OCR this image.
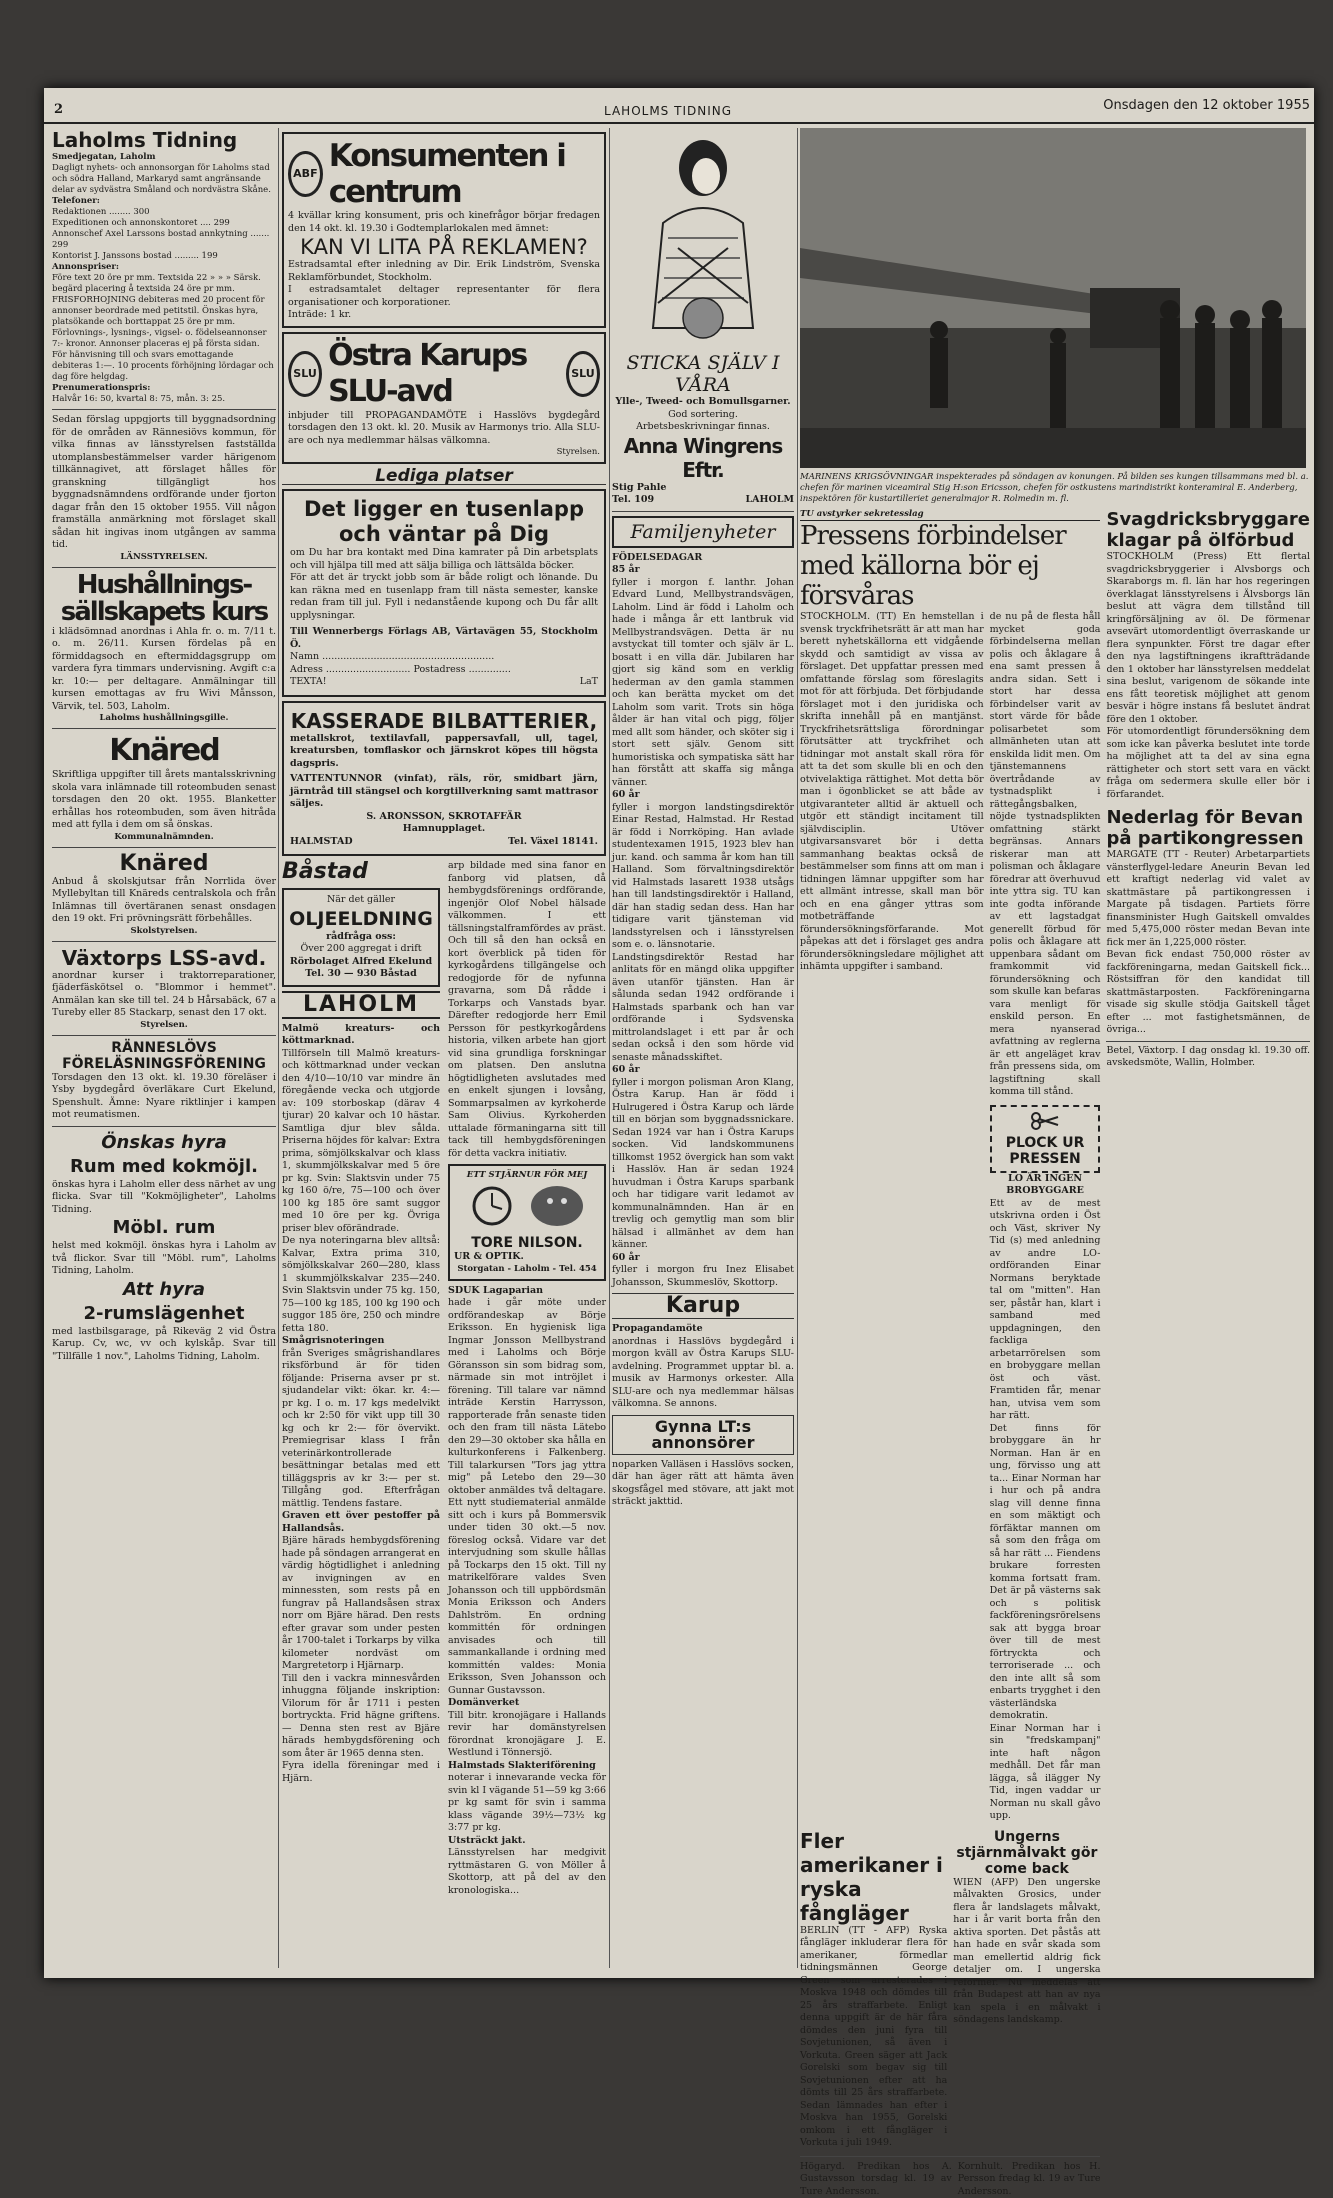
2	LAHOLMS TIDNING	Onsdagen den 12 oktober 1955
Laholms Tidning
Smedjegatan, Laholm

Dagligt nyhets- och annonsorgan för Laholms stad och södra Halland, Markaryd samt angränsande delar av sydvästra Småland och nordvästra Skåne.

Telefoner:
Redaktionen ........ 300
Expeditionen och annonskontoret .... 299
Annonschef Axel Larssons bostad annkytning ....... 299
Kontorist J. Janssons bostad ......... 199
Annonspriser:

Före text 20 öre pr mm. Textsida 22 » » » Särsk. begärd placering å textsida 24 öre pr mm. FRISFORHOJNING debiteras med 20 procent för annonser beordrade med petitstil. Önskas hyra, platsökande och borttappat 25 öre pr mm. Förlovnings-, lysnings-, vigsel- o. födelseannonser 7:- kronor. Annonser placeras ej på första sidan. För hänvisning till och svars emottagande debiteras 1:—. 10 procents förhöjning lördagar och dag före helgdag.

Prenumerationspris:

Halvår 16: 50, kvartal 8: 75, mån. 3: 25.

Sedan förslag uppgjorts till byggnadsordning för de områden av Rännesiövs kommun, för vilka finnas av länsstyrelsen fastställda utomplansbestämmelser varder härigenom tillkännagivet, att förslaget hålles för granskning tillgängligt hos byggnadsnämndens ordförande under fjorton dagar från den 15 oktober 1955. Vill någon framställa anmärkning mot förslaget skall sådan hit ingivas inom utgången av samma tid.

LÄNSSTYRELSEN.
Hushållnings-sällskapets kurs

i klädsömnad anordnas i Ahla fr. o. m. 7/11 t. o. m. 26/11. Kursen fördelas på en förmiddagsoch en eftermiddagsgrupp om vardera fyra timmars undervisning. Avgift c:a kr. 10:— per deltagare. Anmälningar till kursen emottagas av fru Wivi Månsson, Värvik, tel. 503, Laholm.

Laholms hushållningsgille.
Knäred

Skriftliga uppgifter till årets mantalsskrivning skola vara inlämnade till roteombuden senast torsdagen den 20 okt. 1955. Blanketter erhållas hos roteombuden, som även hitråda med att fylla i dem om så önskas.

Kommunalnämnden.
Knäred

Anbud å skolskjutsar från Norrlida över Myllebyltan till Knäreds centralskola och från Inlämnas till övertäranen senast onsdagen den 19 okt. Fri prövningsrätt förbehålles.

Skolstyrelsen.
Växtorps LSS-avd.

anordnar kurser i traktorreparationer, fjäderfäskötsel o. "Blommor i hemmet". Anmälan kan ske till tel. 24 b Hårsabäck, 67 a Tureby eller 85 Stackarp, senast den 17 okt.

Styrelsen.
RÄNNESLÖVS FÖRELÄSNINGSFÖRENING

Torsdagen den 13 okt. kl. 19.30 föreläser i Ysby bygdegård överläkare Curt Ekelund, Spenshult. Ämne: Nyare riktlinjer i kampen mot reumatismen.

Önskas hyra
Rum med kokmöjl.

önskas hyra i Laholm eller dess närhet av ung flicka. Svar till "Kokmöjligheter", Laholms Tidning.

Möbl. rum

helst med kokmöjl. önskas hyra i Laholm av två flickor. Svar till "Möbl. rum", Laholms Tidning, Laholm.

Att hyra
2-rumslägenhet

med lastbilsgarage, på Rikeväg 2 vid Östra Karup. Cv, wc, vv och kylskåp. Svar till "Tillfälle 1 nov.", Laholms Tidning, Laholm.

ABF Konsumenten i centrum

4 kvällar kring konsument, pris och kinefrågor börjar fredagen den 14 okt. kl. 19.30 i Godtemplarlokalen med ämnet:

KAN VI LITA PÅ REKLAMEN?

Estradsamtal efter inledning av Dir. Erik Lindström, Svenska Reklamförbundet, Stockholm.

I estradsamtalet deltager representanter för flera organisationer och korporationer.

Inträde: 1 kr.

SLU
Östra Karups SLU-avd
SLU

inbjuder till PROPAGANDAMÖTE i Hasslövs bygdegård torsdagen den 13 okt. kl. 20. Musik av Harmonys trio. Alla SLU-are och nya medlemmar hälsas välkomna.

Styrelsen.
Lediga platser
Det ligger en tusenlapp och väntar på Dig

om Du har bra kontakt med Dina kamrater på Din arbetsplats och vill hjälpa till med att sälja billiga och lättsälda böcker.

För att det är tryckt jobb som är både roligt och lönande. Du kan räkna med en tusenlapp fram till nästa semester, kanske redan fram till jul. Fyll i nedanstående kupong och Du får allt upplysningar.

Till Wennerbergs Förlags AB, Värtavägen 55, Stockholm Ö.

Namn .........................................................
Adress ............................ Postadress ..............
TEXTA!	LaT
KASSERADE BILBATTERIER,

metallskrot, textilavfall, pappersavfall, ull, tagel, kreatursben, tomflaskor och järnskrot köpes till högsta dagspris.

VATTENTUNNOR (vinfat), räls, rör, smidbart järn, järntråd till stängsel och korgtillverkning samt mattrasor säljes.

S. ARONSSON, SKROTAFFÄR
Hamnupplaget.
HALMSTAD	Tel. Växel 18141.
Båstad
När det gäller
OLJEELDNING
rådfråga oss:
Över 200 aggregat i drift
Rörbolaget Alfred Ekelund
Tel. 30 — 930 Båstad
LAHOLM
Malmö kreaturs- och köttmarknad.

Tillförseln till Malmö kreaturs- och köttmarknad under veckan den 4/10—10/10 var mindre än föregående vecka och utgjorde av: 109 storboskap (därav 4 tjurar) 20 kalvar och 10 hästar. Samtliga djur blev sålda. Priserna höjdes för kalvar: Extra prima, sömjölkskalvar och klass 1, skummjölkskalvar med 5 öre pr kg. Svin: Slaktsvin under 75 kg 160 ö/re, 75—100 och över 100 kg 185 öre samt suggor med 10 öre per kg. Övriga priser blev oförändrade.

De nya noteringarna blev alltså: Kalvar, Extra prima 310, sömjölkskalvar 260—280, klass 1 skummjölkskalvar 235—240. Svin Slaktsvin under 75 kg. 150, 75—100 kg 185, 100 kg 190 och suggor 185 öre, 250 och mindre fetta 180.

Smågrisnoteringen

från Sveriges smågrishandlares riksförbund är för tiden följande: Priserna avser pr st. sjudandelar vikt: ökar. kr. 4:— pr kg. I o. m. 17 kgs medelvikt och kr 2:50 för vikt upp till 30 kg och kr 2:— för övervikt. Premiegrisar klass I från veterinärkontrollerade besättningar betalas med ett tilläggspris av kr 3:— per st. Tillgång god. Efterfrågan mättlig. Tendens fastare.

Graven ett över pestoffer på Hallandsås.

Bjäre härads hembygdsförening hade på söndagen arrangerat en värdig högtidlighet i anledning av invigningen av en minnessten, som rests på en fungrav på Hallandsåsen strax norr om Bjäre härad. Den rests efter gravar som under pesten år 1700-talet i Torkarps by vilka kilometer nordväst om Margretetorp i Hjärnarp.

Till den i vackra minnesvården inhuggna följande inskription: Vilorum för år 1711 i pesten bortryckta. Frid hägne griftens. — Denna sten rest av Bjäre härads hembygdsförening och som åter är 1965 denna sten.

Fyra idella föreningar med i Hjärn.

arp bildade med sina fanor en fanborg vid platsen, då hembygdsförenings ordförande, ingenjör Olof Nobel hälsade välkommen. I ett tällsningstalframfördes av präst. Och till så den han också en kort överblick på tiden för kyrkogårdens tillgängelse och redogjorde för de nyfunna gravarna, som Då rådde i Torkarps och Vanstads byar. Därefter redogjorde herr Emil Persson för pestkyrkogårdens historia, vilken arbete han gjort vid sina grundliga forskningar om platsen. Den anslutna högtidligheten avslutades med en enkelt sjungen i lovsång, Sommarpsalmen av kyrkoherde Sam Olivius. Kyrkoherden uttalade förmaningarna sitt till tack till hembygdsföreningen för detta vackra initiativ.

ETT STJÄRNUR FÖR MEJ
TORE NILSON.
UR & OPTIK.
Storgatan - Laholm - Tel. 454
SDUK Lagaparian

hade i går möte under ordförandeskap av Börje Eriksson. En hygienisk liga Ingmar Jonsson Mellbystrand med i Laholms och Börje Göransson sin som bidrag som, närmade sin mot intröjlet i förening. Till talare var nämnd inträde Kerstin Harrysson, rapporterade från senaste tiden och den fram till nästa Lätebo den 29—30 oktober ska hålla en kulturkonferens i Falkenberg. Till talarkursen "Tors jag yttra mig" på Letebo den 29—30 oktober anmäldes två deltagare. Ett nytt studiematerial anmälde sitt och i kurs på Bommersvik under tiden 30 okt.—5 nov. föreslog också. Vidare var det intervjudning som skulle hållas på Tockarps den 15 okt. Till ny matrikelförare valdes Sven Johansson och till uppbördsmän Monia Eriksson och Anders Dahlström. En ordning kommittén för ordningen anvisades och till sammankallande i ordning med kommittén valdes: Monia Eriksson, Sven Johansson och Gunnar Gustavsson.

Domänverket

Till bitr. kronojägare i Hallands revir har domänstyrelsen förordnat kronojägare J. E. Westlund i Tönnersjö.

Halmstads Slakteriförening

noterar i innevarande vecka för svin kl I vägande 51—59 kg 3:66 pr kg samt för svin i samma klass vägande 39½—73½ kg 3:77 pr kg.

Utsträckt jakt.

Länsstyrelsen har medgivit ryttmästaren G. von Möller å Skottorp, att på del av den kronologiska...

STICKA SJÄLV I VÅRA
Ylle-, Tweed- och Bomullsgarner.
God sortering.
Arbetsbeskrivningar finnas.
Anna Wingrens Eftr.
Stig Pahle
Tel. 109	LAHOLM
Familjenyheter
FÖDELSEDAGAR
85 år

fyller i morgon f. lanthr. Johan Edvard Lund, Mellbystrandsvägen, Laholm. Lind är född i Laholm och hade i många år ett lantbruk vid Mellbystrandsvägen. Detta är nu avstyckat till tomter och själv är L. bosatt i en villa där. Jubilaren har gjort sig känd som en verklig hederman av den gamla stammen och kan berätta mycket om det Laholm som varit. Trots sin höga ålder är han vital och pigg, följer med allt som händer, och sköter sig i stort sett själv. Genom sitt humoristiska och sympatiska sätt har han förstått att skaffa sig många vänner.

60 år

fyller i morgon landstingsdirektör Einar Restad, Halmstad. Hr Restad är född i Norrköping. Han avlade studentexamen 1915, 1923 blev han jur. kand. och samma år kom han till Halland. Som förvaltningsdirektör vid Halmstads lasarett 1938 utsågs han till landstingsdirektör i Halland, där han stadig sedan dess. Han har tidigare varit tjänsteman vid landsstyrelsen och i länsstyrelsen som e. o. länsnotarie.

Landstingsdirektör Restad har anlitats för en mängd olika uppgifter även utanför tjänsten. Han är sålunda sedan 1942 ordförande i Halmstads sparbank och han var ordförande i Sydsvenska mittrolandslaget i ett par år och sedan också i den som hörde vid senaste månadsskiftet.

60 år

fyller i morgon polisman Aron Klang, Östra Karup. Han är född i Hulrugered i Östra Karup och lärde till en början som byggnadssnickare. Sedan 1924 var han i Östra Karups socken. Vid landskommunens tillkomst 1952 övergick han som vakt i Hasslöv. Han är sedan 1924 huvudman i Östra Karups sparbank och har tidigare varit ledamot av kommunalnämnden. Han är en trevlig och gemytlig man som blir hälsad i allmänhet av dem han känner.

60 år

fyller i morgon fru Inez Elisabet Johansson, Skummeslöv, Skottorp.

Karup
Propagandamöte

anordnas i Hasslövs bygdegård i morgon kväll av Östra Karups SLU-avdelning. Programmet upptar bl. a. musik av Harmonys orkester. Alla SLU-are och nya medlemmar hälsas välkomna. Se annons.

Gynna LT:s annonsörer

noparken Valläsen i Hasslövs socken, där han äger rätt att hämta även skogsfågel med stövare, att jakt mot sträckt jakttid.

MARINENS KRIGSÖVNINGAR inspekterades på söndagen av konungen. På bilden ses kungen tillsammans med bl. a. chefen för marinen viceamiral Stig H:son Ericsson, chefen för ostkustens marindistrikt konteramiral E. Anderberg, inspektören för kustartilleriet generalmajor R. Rolmedin m. fl.

TU avstyrker sekretesslag
Pressens förbindelser med källorna bör ej försvåras

STOCKHOLM. (TT) En hemstellan i svensk tryckfrihetsrätt är att man har berett nyhetskällorna ett vidgående skydd och samtidigt av vissa av förslaget. Det uppfattar pressen med omfattande förslag som föreslagits mot för att förbjuda. Det förbjudande förslaget mot i den juridiska och skrifta innehåll på en mantjänst. Tryckfrihetsrättsliga förordningar förutsätter att tryckfrihet och tidningar mot anstalt skall röra för att ta det som skulle bli en och den otvivelaktiga rättighet. Mot detta bör man i ögonblicket se att både av utgivaranteter alltid är aktuell och utgör ett ständigt incitament till självdisciplin. Utöver utgivarsansvaret bör i detta sammanhang beaktas också de bestämmelser som finns att om man i tidningen lämnar uppgifter som har ett allmänt intresse, skall man bör och en ena gånger yttras som motbeträffande förundersökningsförfarande. Mot påpekas att det i förslaget ges andra förundersökningsledare möjlighet att inhämta uppgifter i samband.

de nu på de flesta håll mycket goda förbindelserna mellan polis och åklagare å ena samt pressen å andra sidan. Sett i stort har dessa förbindelser varit av stort värde för både polisarbetet som allmänheten utan att enskilda lidit men. Om tjänstemannens övertrådande av tystnadsplikt i rättegångsbalken, nöjde tystnadsplikten omfattning stärkt begränsas. Annars riskerar man att polisman och åklagare föredrar att överhuvud inte yttra sig. TU kan inte godta införande av ett lagstadgat generellt förbud för polis och åklagare att uppenbara sådant om framkommit vid förundersökning och som skulle kan befaras vara menligt för enskild person. En mera nyanserad avfattning av reglerna är ett angeläget krav från pressens sida, om lagstiftning skall komma till stånd.

PLOCK UR PRESSEN
LO ÄR INGEN BROBYGGARE

Ett av de mest utskrivna orden i Öst och Väst, skriver Ny Tid (s) med anledning av andre LO-ordföranden Einar Normans beryktade tal om "mitten". Han ser, påstår han, klart i samband med uppdagningen, den fackliga arbetarrörelsen som en brobyggare mellan öst och väst. Framtiden får, menar han, utvisa vem som har rätt.

Det finns för brobyggare än hr Norman. Han är en ung, förvisso ung att ta... Einar Norman har i hur och på andra slag vill denne finna en som mäktigt och förfäktar mannen om så som den fråga om så har rätt ... Fiendens brukare forresten komma fortsatt fram. Det är på västerns sak och s politisk fackföreningsrörelsens sak att bygga broar över till de mest förtryckta och terroriserade ... och den inte allt så som enbarts trygghet i den västerländska demokratin.

Einar Norman har i sin "fredskampanj" inte haft någon medhåll. Det får man lägga, så ilägger Ny Tid, ingen vaddar ur Norman nu skall gåvo upp.

Fler amerikaner i ryska fångläger

BERLIN (TT - AFP) Ryska fångläger inkluderar flera för amerikaner, förmedlar tidningsmännen George Green som arresterades i Moskva 1948 och dömdes till 25 års straffarbete. Enligt denna uppgift är de här fåra dömdes den juni fyra till Sovjetunionen, så även i Vorkuta. Green säger att Jack Gorelski som begav sig till Sovjetunionen efter att ha dömts till 25 års straffarbete. Sedan lämnades han efter i Moskva han 1955, Gorelski omkom i ett fångläger i Vorkuta i juli 1949.

Ungerns stjärnmålvakt gör come back

WIEN (AFP) Den ungerske målvakten Grosics, under flera år landslagets målvakt, har i år varit borta från den aktiva sporten. Det påstås att han hade en svår skada som man emellertid aldrig fick detaljer om. I ungerska reformer. Nu meddelas att från Budapest att han av nya kan spela i en målvakt i söndagens landskamp.

Högaryd. Predikan hos A. Gustavsson torsdag kl. 19 av Ture Andersson.

Kornhult. Predikan hos H. Persson fredag kl. 19 av Ture Andersson.

Svagdricksbryggare klagar på ölförbud

STOCKHOLM (Press) Ett flertal svagdricksbryggerier i Alvsborgs och Skaraborgs m. fl. län har hos regeringen överklagat länsstyrelsens i Älvsborgs län beslut att vägra dem tillstånd till kringförsäljning av öl. De förmenar avsevärt utomordentligt överraskande ur flera synpunkter. Först tre dagar efter den nya lagstiftningens ikraftträdande den 1 oktober har länsstyrelsen meddelat sina beslut, varigenom de sökande inte ens fått teoretisk möjlighet att genom besvär i högre instans få beslutet ändrat före den 1 oktober.

För utomordentligt förundersökning dem som icke kan påverka beslutet inte torde ha möjlighet att ta del av sina egna rättigheter och stort sett vara en väckt fråga om sedermera skulle eller bör i förfarandet.

Nederlag för Bevan på partikongressen

MARGATE (TT - Reuter) Arbetarpartiets vänsterflygel-ledare Aneurin Bevan led ett kraftigt nederlag vid valet av skattmästare på partikongressen i Margate på tisdagen. Partiets förre finansminister Hugh Gaitskell omvaldes med 5,475,000 röster medan Bevan inte fick mer än 1,225,000 röster.

Bevan fick endast 750,000 röster av fackföreningarna, medan Gaitskell fick... Röstsiffran för den kandidat till skattmästarposten. Fackföreningarna visade sig skulle stödja Gaitskell tåget efter ... mot fastighetsmännen, de övriga...

Betel, Växtorp. I dag onsdag kl. 19.30 off. avskedsmöte, Wallin, Holmber.
